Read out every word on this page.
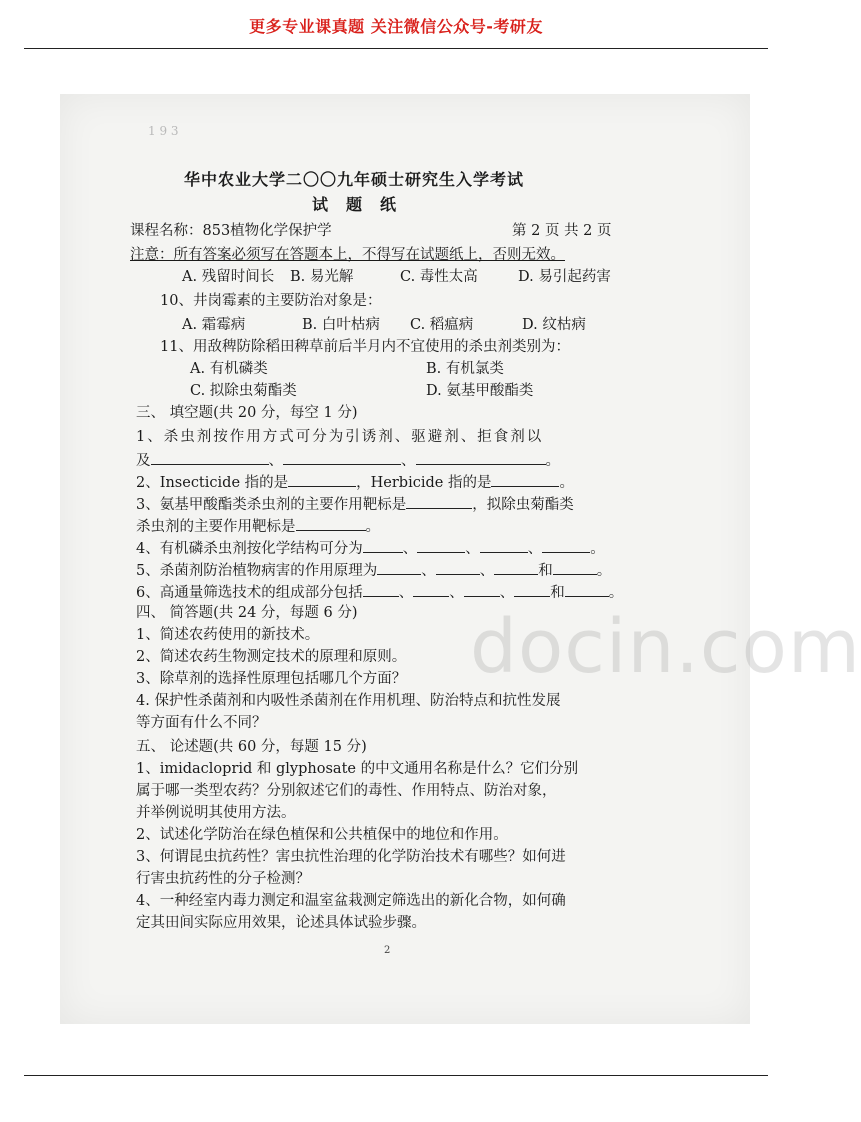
更多专业课真题 关注微信公众号-考研友
1 9 3
docin.com
华中农业大学二〇〇九年硕士研究生入学考试
试题纸
课程名称：853植物化学保护学	第 2 页 共 2 页
注意：所有答案必须写在答题本上，不得写在试题纸上，否则无效。
A. 残留时间长 B. 易光解	C. 毒性太高	D. 易引起药害
10、井岗霉素的主要防治对象是：
A. 霜霉病	B. 白叶枯病 C. 稻瘟病	D. 纹枯病
11、用敌稗防除稻田稗草前后半月内不宜使用的杀虫剂类别为：
A. 有机磷类	B. 有机氯类
C. 拟除虫菊酯类	D. 氨基甲酸酯类
三、 填空题(共 20 分，每空 1 分)
1、杀虫剂按作用方式可分为引诱剂、驱避剂、拒食剂以
及	、	、	。
2、Insecticide 指的是	，Herbicide 指的是	。
3、氨基甲酸酯类杀虫剂的主要作用靶标是	，拟除虫菊酯类
杀虫剂的主要作用靶标是	。
4、有机磷杀虫剂按化学结构可分为	、	、	、	。
5、杀菌剂防治植物病害的作用原理为	、	、	和	。
6、高通量筛选技术的组成部分包括 、 、 、 和	。
四、 简答题(共 24 分，每题 6 分)
1、简述农药使用的新技术。
2、简述农药生物测定技术的原理和原则。
3、除草剂的选择性原理包括哪几个方面？
4. 保护性杀菌剂和内吸性杀菌剂在作用机理、防治特点和抗性发展
等方面有什么不同？
五、 论述题(共 60 分，每题 15 分)
1、imidacloprid 和 glyphosate 的中文通用名称是什么？它们分别
属于哪一类型农药？分别叙述它们的毒性、作用特点、防治对象，
并举例说明其使用方法。
2、试述化学防治在绿色植保和公共植保中的地位和作用。
3、何谓昆虫抗药性？害虫抗性治理的化学防治技术有哪些？如何进
行害虫抗药性的分子检测？
4、一种经室内毒力测定和温室盆栽测定筛选出的新化合物，如何确
定其田间实际应用效果，论述具体试验步骤。
2
